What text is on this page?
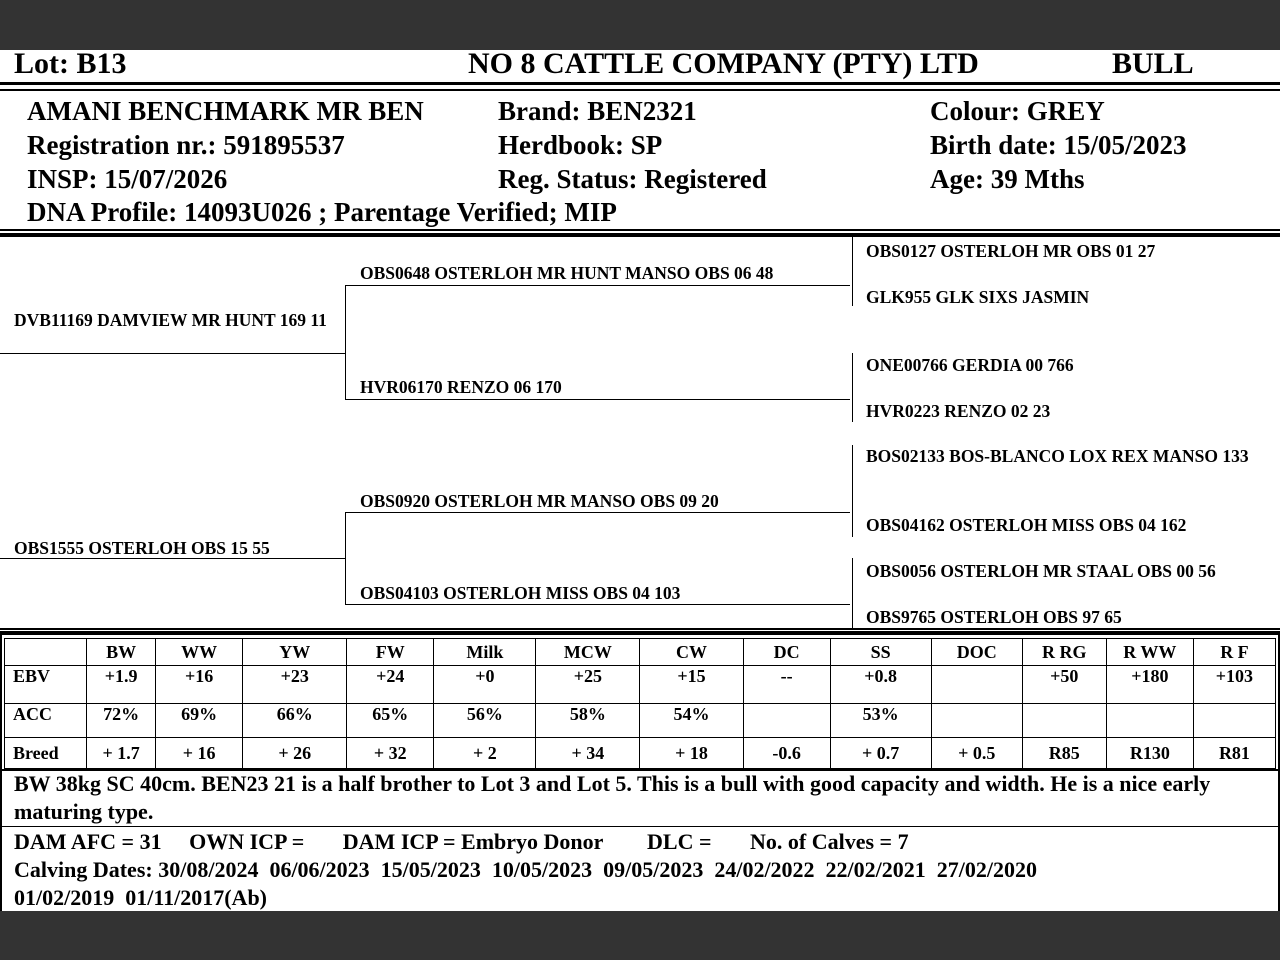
Lot: B13	NO 8 CATTLE COMPANY (PTY) LTD	BULL
AMANI BENCHMARK MR BEN	Brand: BEN2321	Colour: GREY
Registration nr.: 591895537	Herdbook: SP	Birth date: 15/05/2023
INSP: 15/07/2026	Reg. Status: Registered	Age: 39 Mths
DNA Profile: 14093U026 ; Parentage Verified; MIP
DVB11169 DAMVIEW MR HUNT 169 11
OBS0648 OSTERLOH MR HUNT MANSO OBS 06 48
HVR06170 RENZO 06 170
OBS0127 OSTERLOH MR OBS 01 27
GLK955 GLK SIXS JASMIN
ONE00766 GERDIA 00 766
HVR0223 RENZO 02 23
OBS1555 OSTERLOH OBS 15 55
OBS0920 OSTERLOH MR MANSO OBS 09 20
OBS04103 OSTERLOH MISS OBS 04 103
BOS02133 BOS-BLANCO LOX REX MANSO 133
OBS04162 OSTERLOH MISS OBS 04 162
OBS0056 OSTERLOH MR STAAL OBS 00 56
OBS9765 OSTERLOH OBS 97 65
	BW	WW	YW	FW	Milk	MCW	CW	DC	SS	DOC	R RG	R WW	R F
EBV	+1.9	+16	+23	+24	+0	+25	+15	--	+0.8		+50	+180	+103
ACC	72%	69%	66%	65%	56%	58%	54%		53%				
Breed	+ 1.7	+ 16	+ 26	+ 32	+ 2	+ 34	+ 18	-0.6	+ 0.7	+ 0.5	R85	R130	R81
BW 38kg SC 40cm. BEN23 21 is a half brother to Lot 3 and Lot 5. This is a bull with good capacity and width. He is a nice early maturing type.
DAM AFC = 31     OWN ICP =       DAM ICP = Embryo Donor        DLC =       No. of Calves = 7
Calving Dates: 30/08/2024  06/06/2023  15/05/2023  10/05/2023  09/05/2023  24/02/2022  22/02/2021  27/02/2020
01/02/2019  01/11/2017(Ab)
